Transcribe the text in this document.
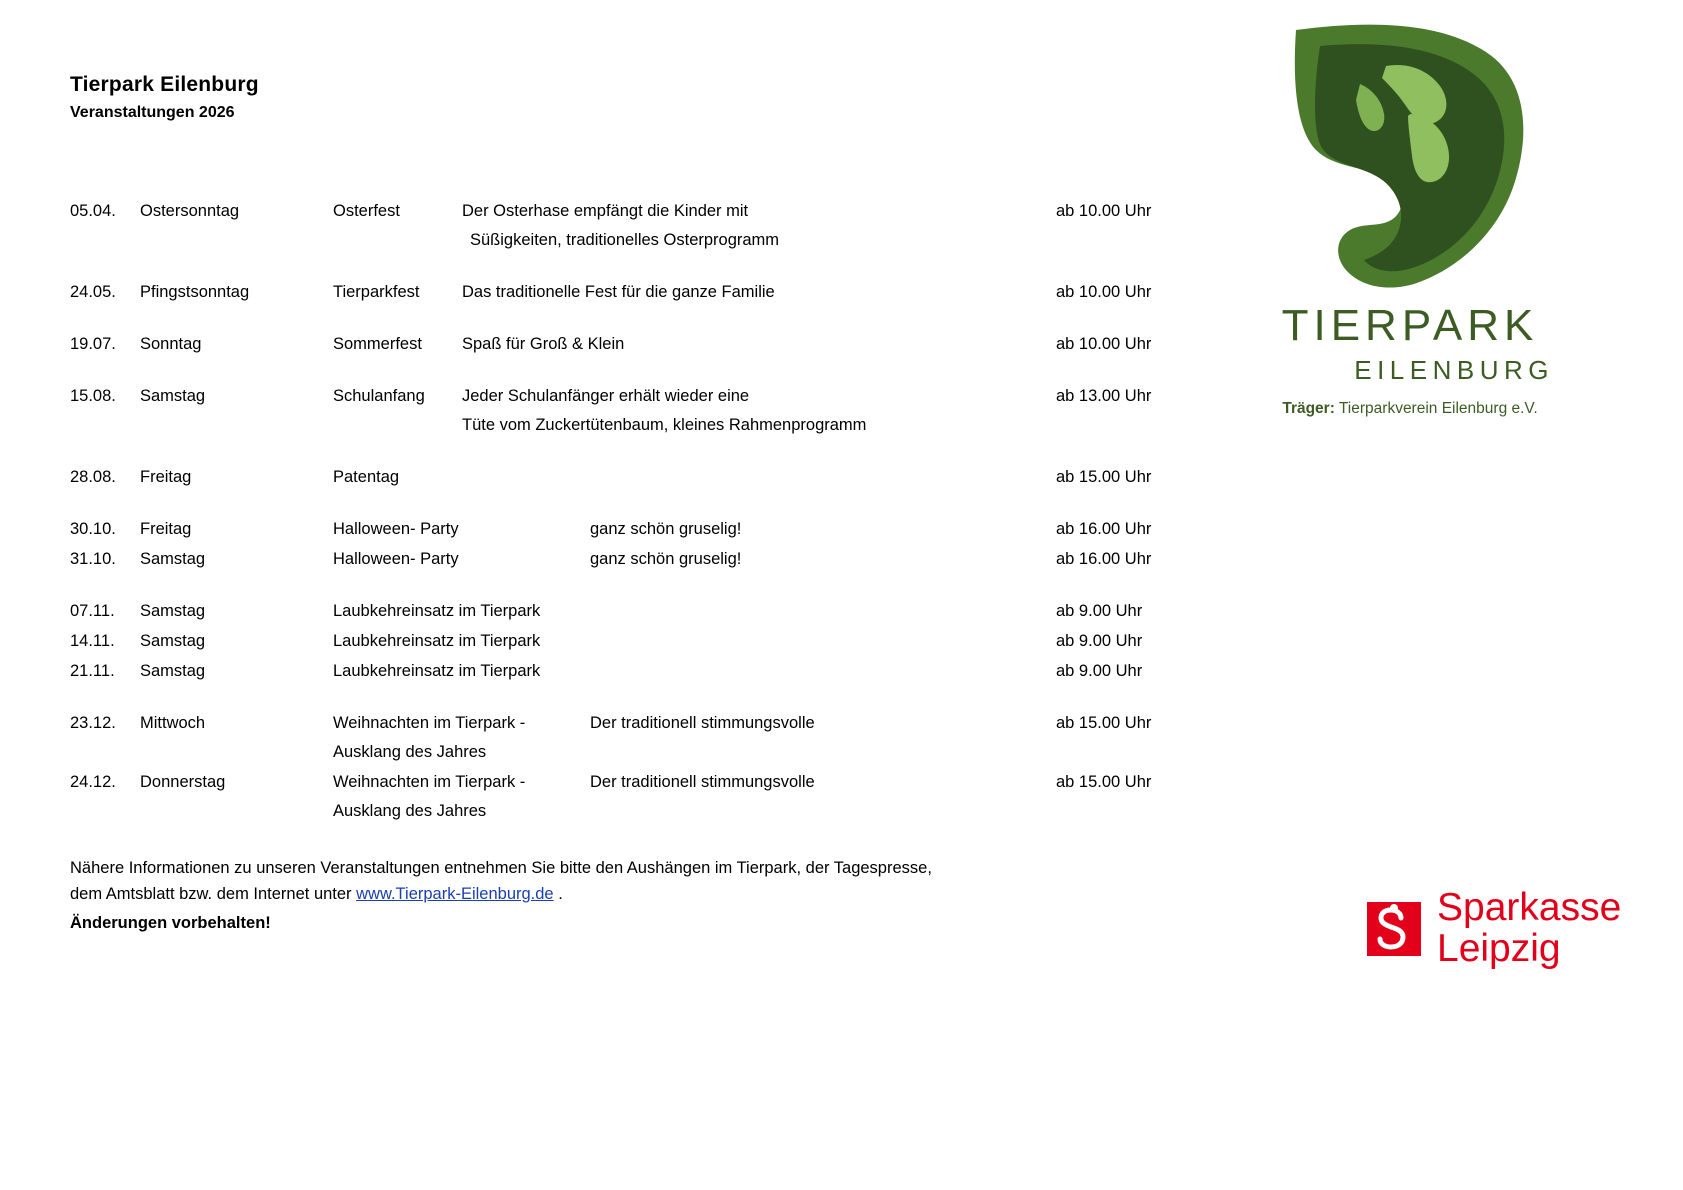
Tierpark Eilenburg
Veranstaltungen 2026
05.04.	Ostersonntag	Osterfest	Der Osterhase empfängt die Kinder mit	ab 10.00 Uhr
Süßigkeiten, traditionelles Osterprogramm
24.05.	Pfingstsonntag	Tierparkfest	Das traditionelle Fest für die ganze Familie	ab 10.00 Uhr
19.07.	Sonntag	Sommerfest	Spaß für Groß & Klein	ab 10.00 Uhr
15.08.	Samstag	Schulanfang	Jeder Schulanfänger erhält wieder eine	ab 13.00 Uhr
Tüte vom Zuckertütenbaum, kleines Rahmenprogramm
28.08.	Freitag	Patentag	ab 15.00 Uhr
30.10.	Freitag	Halloween- Party	ganz schön gruselig!	ab 16.00 Uhr
31.10.	Samstag	Halloween- Party	ganz schön gruselig!	ab 16.00 Uhr
07.11.	Samstag	Laubkehreinsatz im Tierpark	ab 9.00 Uhr
14.11.	Samstag	Laubkehreinsatz im Tierpark	ab 9.00 Uhr
21.11.	Samstag	Laubkehreinsatz im Tierpark	ab 9.00 Uhr
23.12.	Mittwoch	Weihnachten im Tierpark -	Der traditionell stimmungsvolle	ab 15.00 Uhr
Ausklang des Jahres
24.12.	Donnerstag	Weihnachten im Tierpark -	Der traditionell stimmungsvolle	ab 15.00 Uhr
Ausklang des Jahres
Nähere Informationen zu unseren Veranstaltungen entnehmen Sie bitte den Aushängen im Tierpark, der Tagespresse,
dem Amtsblatt bzw. dem Internet unter www.Tierpark-Eilenburg.de .
Änderungen vorbehalten!
TIERPARK
EILENBURG
Träger: Tierparkverein Eilenburg e.V.
Sparkasse
Leipzig
